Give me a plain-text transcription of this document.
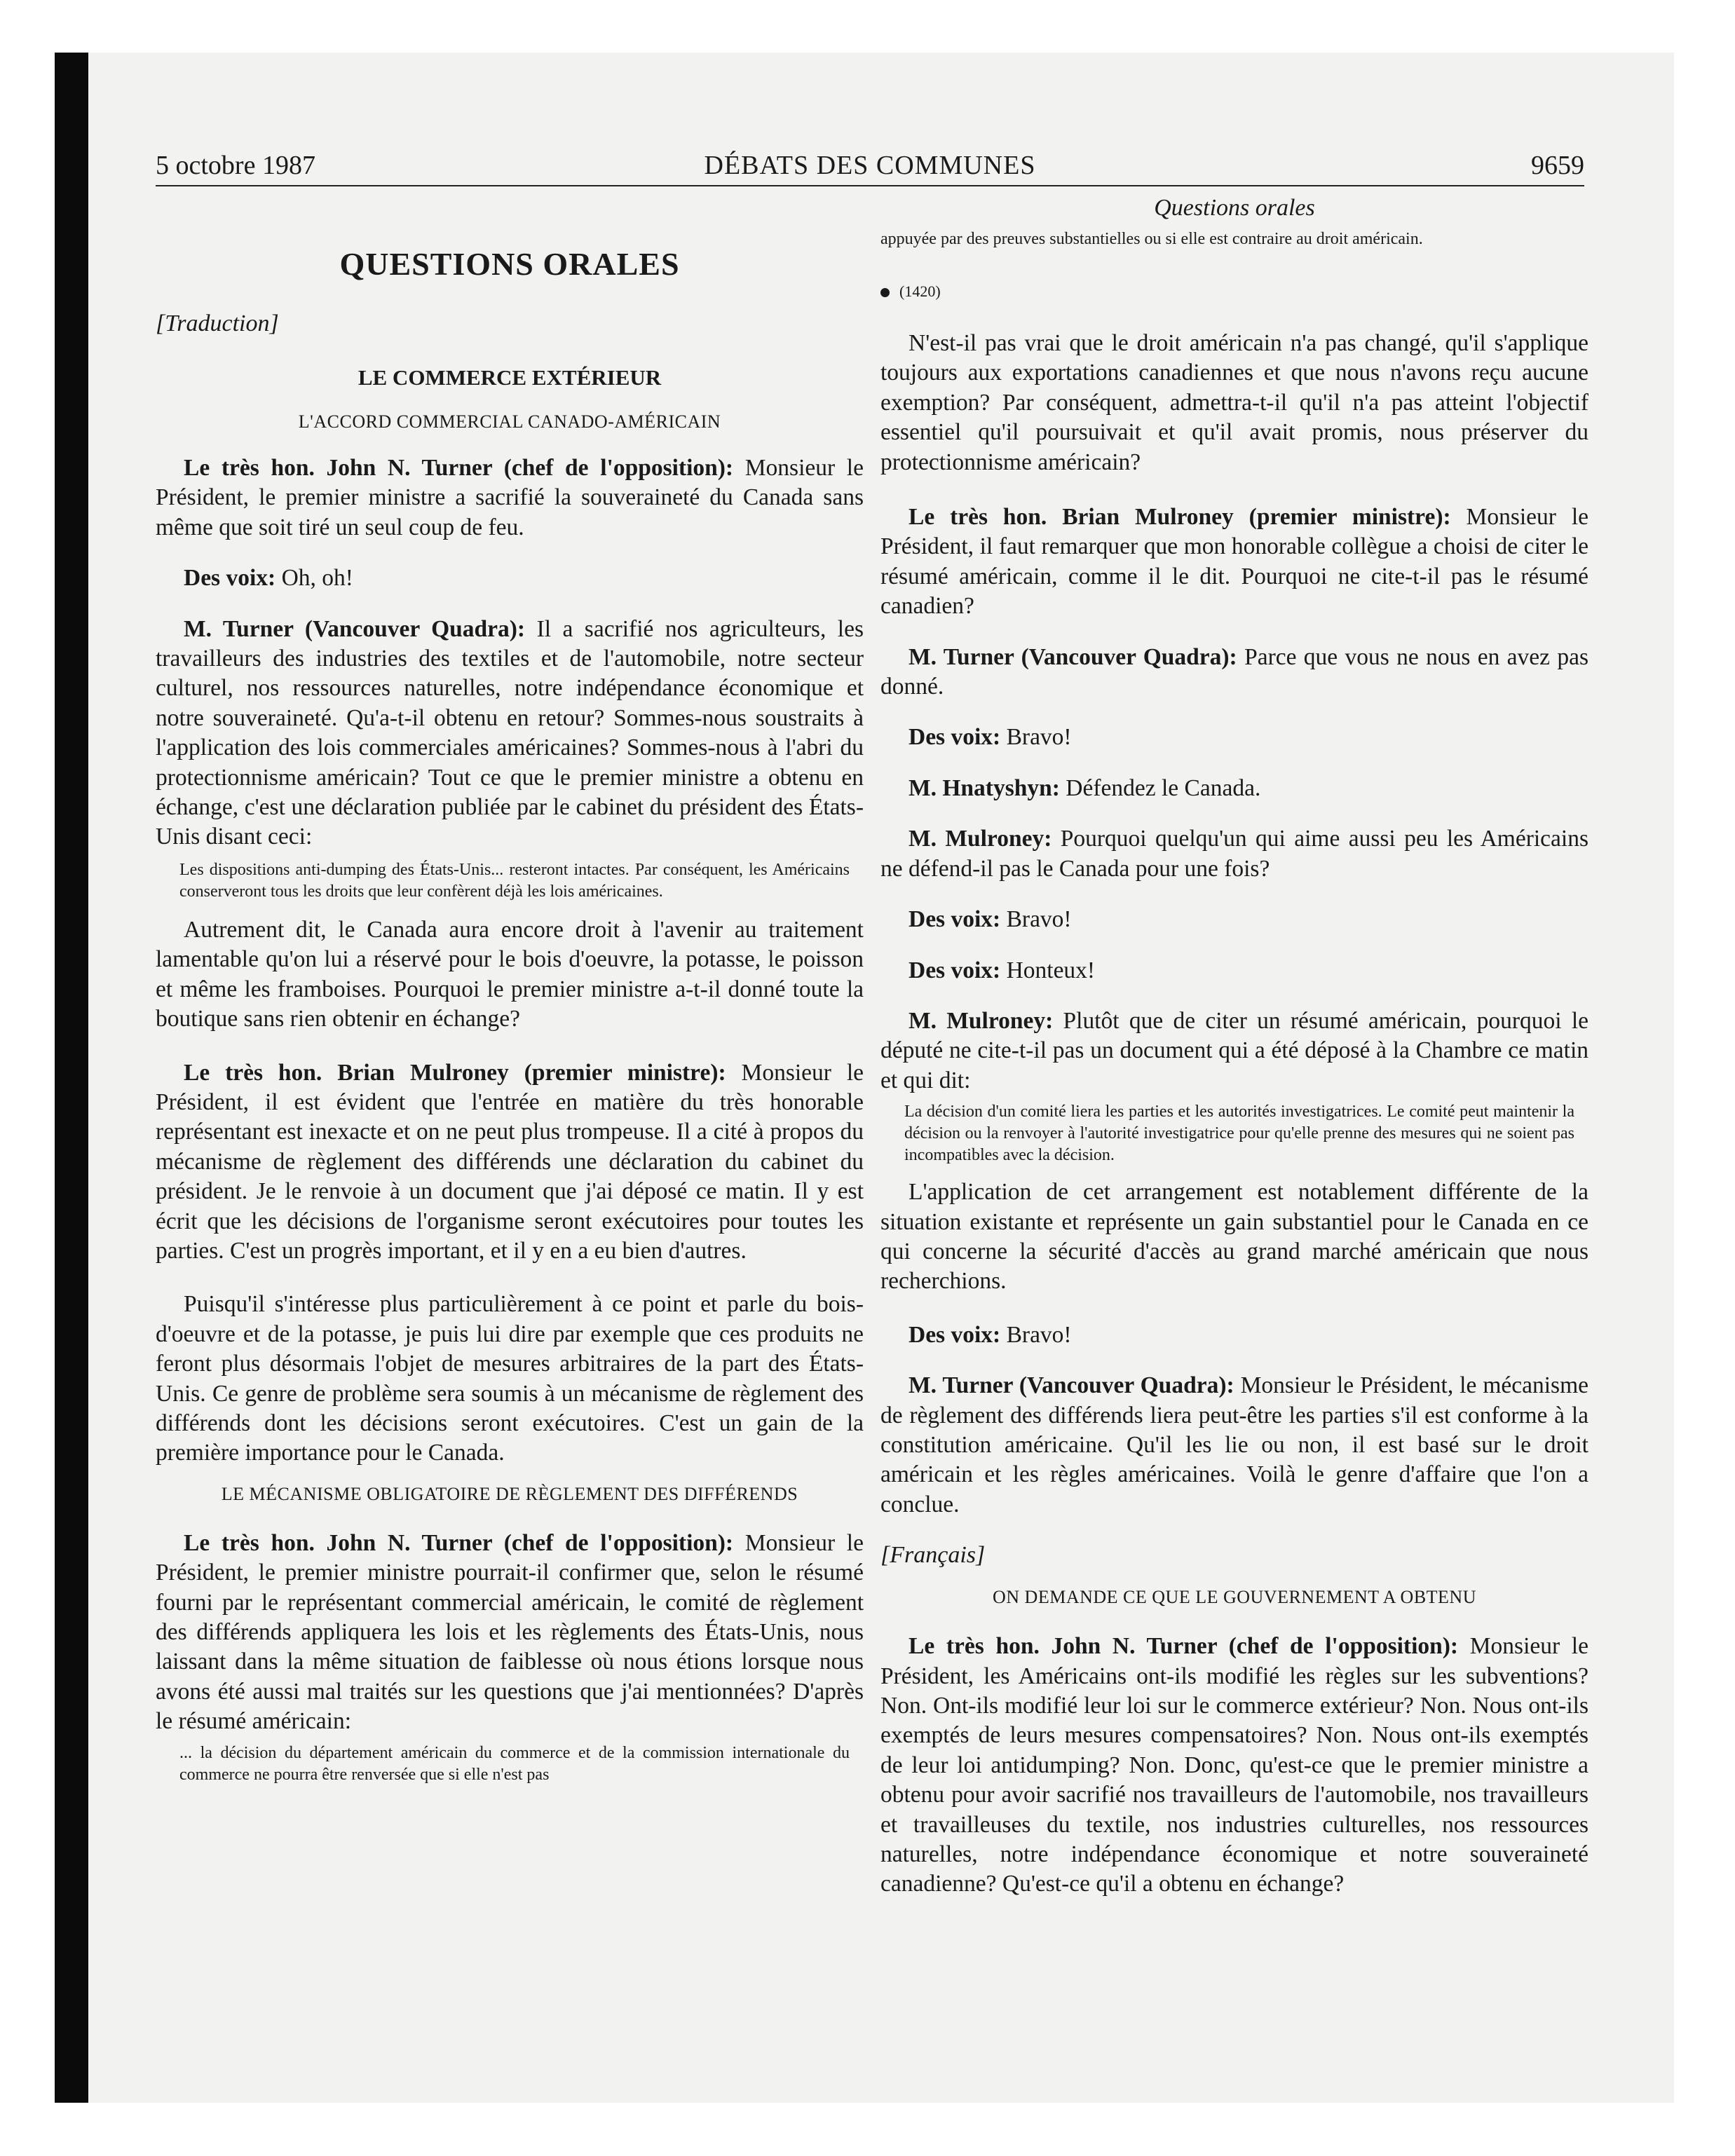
5 octobre 1987	DÉBATS DES COMMUNES	9659

QUESTIONS ORALES

[Traduction]

LE COMMERCE EXTÉRIEUR

L'ACCORD COMMERCIAL CANADO-AMÉRICAIN

Le très hon. John N. Turner (chef de l'opposition): Monsieur le Président, le premier ministre a sacrifié la souveraineté du Canada sans même que soit tiré un seul coup de feu.

Des voix: Oh, oh!

M. Turner (Vancouver Quadra): Il a sacrifié nos agriculteurs, les travailleurs des industries des textiles et de l'automobile, notre secteur culturel, nos ressources naturelles, notre indépendance économique et notre souveraineté. Qu'a-t-il obtenu en retour? Sommes-nous soustraits à l'application des lois commerciales américaines? Sommes-nous à l'abri du protectionnisme américain? Tout ce que le premier ministre a obtenu en échange, c'est une déclaration publiée par le cabinet du président des États-Unis disant ceci:

Les dispositions anti-dumping des États-Unis... resteront intactes. Par conséquent, les Américains conserveront tous les droits que leur confèrent déjà les lois américaines.

Autrement dit, le Canada aura encore droit à l'avenir au traitement lamentable qu'on lui a réservé pour le bois d'oeuvre, la potasse, le poisson et même les framboises. Pourquoi le premier ministre a-t-il donné toute la boutique sans rien obtenir en échange?

Le très hon. Brian Mulroney (premier ministre): Monsieur le Président, il est évident que l'entrée en matière du très honorable représentant est inexacte et on ne peut plus trompeuse. Il a cité à propos du mécanisme de règlement des différends une déclaration du cabinet du président. Je le renvoie à un document que j'ai déposé ce matin. Il y est écrit que les décisions de l'organisme seront exécutoires pour toutes les parties. C'est un progrès important, et il y en a eu bien d'autres.

Puisqu'il s'intéresse plus particulièrement à ce point et parle du bois-d'oeuvre et de la potasse, je puis lui dire par exemple que ces produits ne feront plus désormais l'objet de mesures arbitraires de la part des États-Unis. Ce genre de problème sera soumis à un mécanisme de règlement des différends dont les décisions seront exécutoires. C'est un gain de la première importance pour le Canada.

LE MÉCANISME OBLIGATOIRE DE RÈGLEMENT DES DIFFÉRENDS

Le très hon. John N. Turner (chef de l'opposition): Monsieur le Président, le premier ministre pourrait-il confirmer que, selon le résumé fourni par le représentant commercial américain, le comité de règlement des différends appliquera les lois et les règlements des États-Unis, nous laissant dans la même situation de faiblesse où nous étions lorsque nous avons été aussi mal traités sur les questions que j'ai mentionnées? D'après le résumé américain:

... la décision du département américain du commerce et de la commission internationale du commerce ne pourra être renversée que si elle n'est pas

Questions orales

appuyée par des preuves substantielles ou si elle est contraire au droit américain.

(1420)

N'est-il pas vrai que le droit américain n'a pas changé, qu'il s'applique toujours aux exportations canadiennes et que nous n'avons reçu aucune exemption? Par conséquent, admettra-t-il qu'il n'a pas atteint l'objectif essentiel qu'il poursuivait et qu'il avait promis, nous préserver du protectionnisme américain?

Le très hon. Brian Mulroney (premier ministre): Monsieur le Président, il faut remarquer que mon honorable collègue a choisi de citer le résumé américain, comme il le dit. Pourquoi ne cite-t-il pas le résumé canadien?

M. Turner (Vancouver Quadra): Parce que vous ne nous en avez pas donné.

Des voix: Bravo!

M. Hnatyshyn: Défendez le Canada.

M. Mulroney: Pourquoi quelqu'un qui aime aussi peu les Américains ne défend-il pas le Canada pour une fois?

Des voix: Bravo!

Des voix: Honteux!

M. Mulroney: Plutôt que de citer un résumé américain, pourquoi le député ne cite-t-il pas un document qui a été déposé à la Chambre ce matin et qui dit:

La décision d'un comité liera les parties et les autorités investigatrices. Le comité peut maintenir la décision ou la renvoyer à l'autorité investigatrice pour qu'elle prenne des mesures qui ne soient pas incompatibles avec la décision.

L'application de cet arrangement est notablement différente de la situation existante et représente un gain substantiel pour le Canada en ce qui concerne la sécurité d'accès au grand marché américain que nous recherchions.

Des voix: Bravo!

M. Turner (Vancouver Quadra): Monsieur le Président, le mécanisme de règlement des différends liera peut-être les parties s'il est conforme à la constitution américaine. Qu'il les lie ou non, il est basé sur le droit américain et les règles américaines. Voilà le genre d'affaire que l'on a conclue.

[Français]

ON DEMANDE CE QUE LE GOUVERNEMENT A OBTENU

Le très hon. John N. Turner (chef de l'opposition): Monsieur le Président, les Américains ont-ils modifié les règles sur les subventions? Non. Ont-ils modifié leur loi sur le commerce extérieur? Non. Nous ont-ils exemptés de leurs mesures compensatoires? Non. Nous ont-ils exemptés de leur loi antidumping? Non. Donc, qu'est-ce que le premier ministre a obtenu pour avoir sacrifié nos travailleurs de l'automobile, nos travailleurs et travailleuses du textile, nos industries culturelles, nos ressources naturelles, notre indépendance économique et notre souveraineté canadienne? Qu'est-ce qu'il a obtenu en échange?
